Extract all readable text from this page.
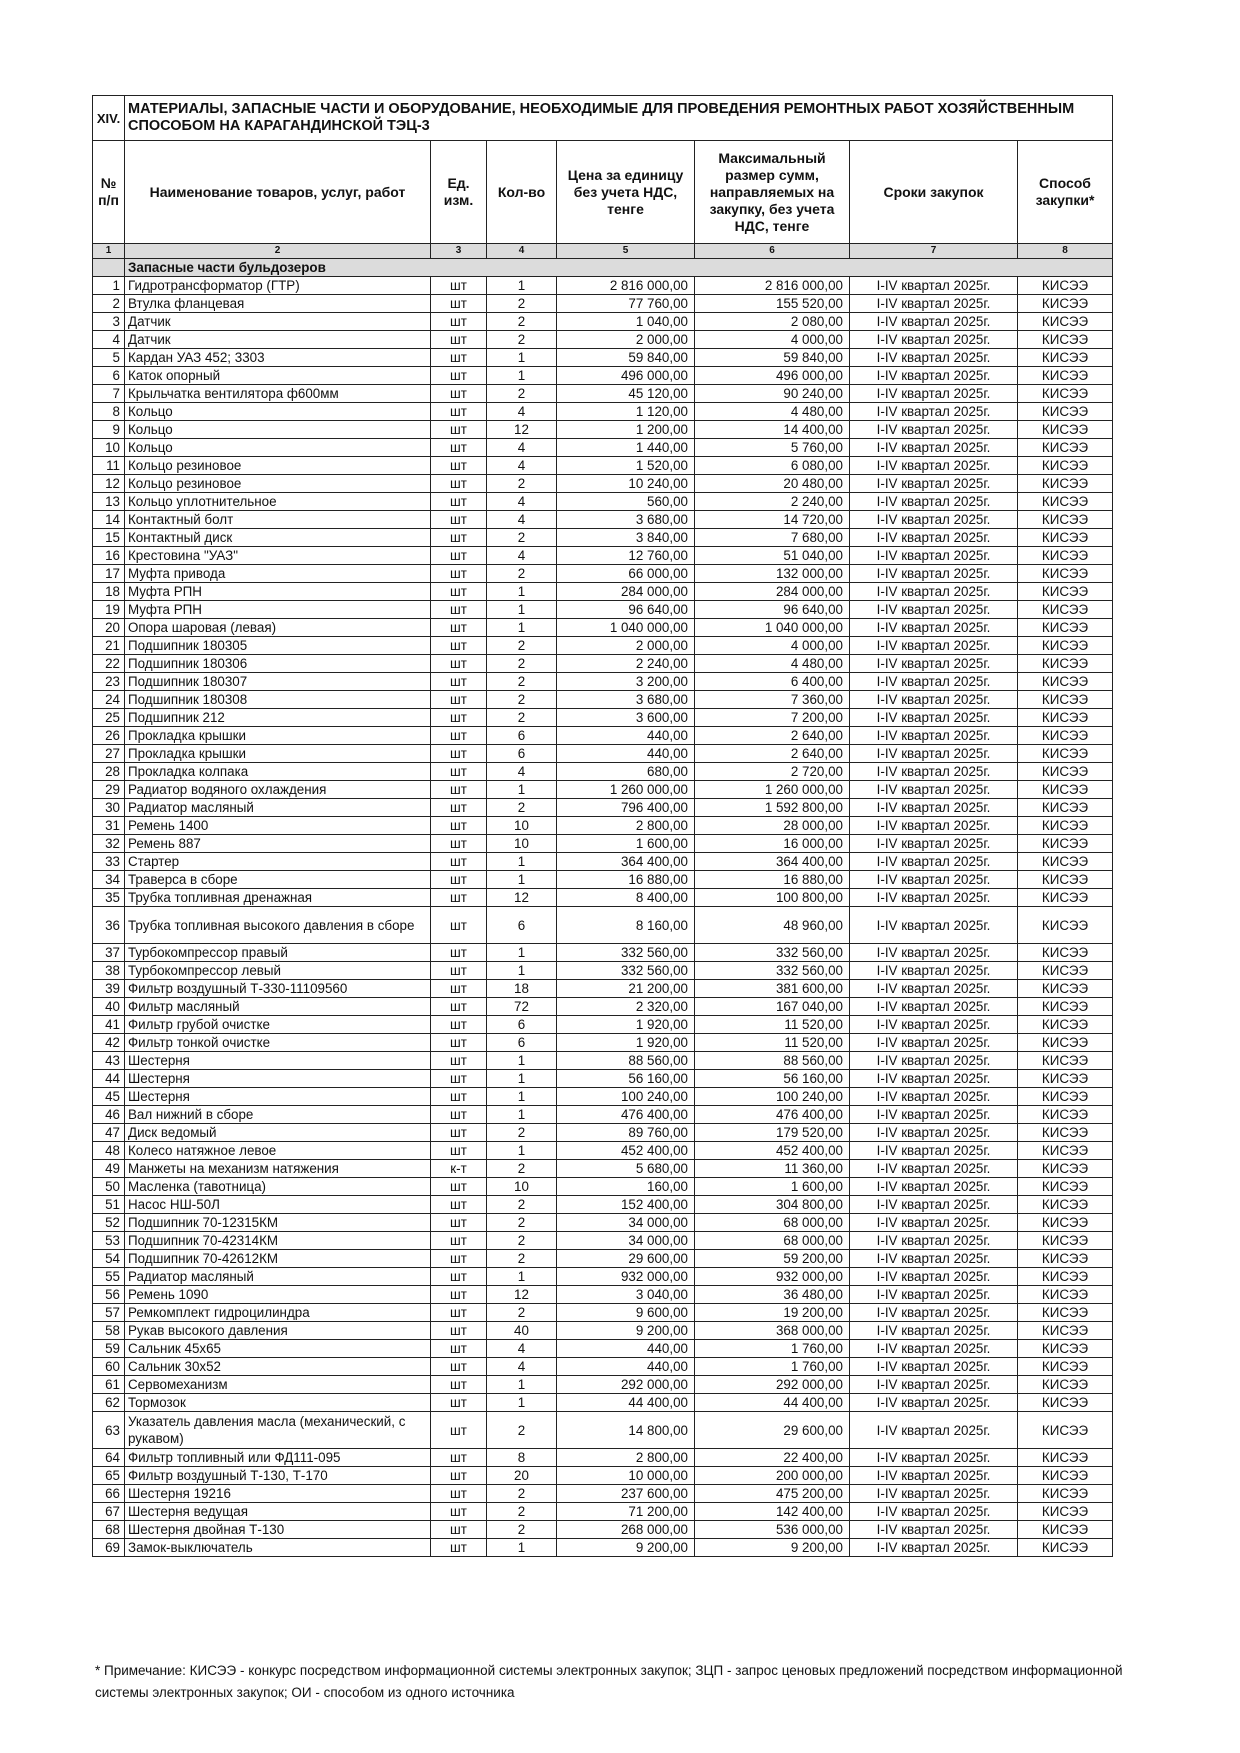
XIV.	МАТЕРИАЛЫ, ЗАПАСНЫЕ ЧАСТИ И ОБОРУДОВАНИЕ, НЕОБХОДИМЫЕ ДЛЯ ПРОВЕДЕНИЯ РЕМОНТНЫХ РАБОТ ХОЗЯЙСТВЕННЫМ СПОСОБОМ НА КАРАГАНДИНСКОЙ ТЭЦ-3						
№ п/п	Наименование товаров, услуг, работ	Ед. изм.	Кол-во	Цена за единицу без учета НДС, тенге	Максимальный размер сумм, направляемых на закупку, без учета НДС, тенге	Сроки закупок	Способ закупки*
1	2	3	4	5	6	7	8
	Запасные части бульдозеров						
1	Гидротрансформатор (ГТР)	шт	1	2 816 000,00	2 816 000,00	I-IV квартал 2025г.	КИСЭЭ
2	Втулка фланцевая	шт	2	77 760,00	155 520,00	I-IV квартал 2025г.	КИСЭЭ
3	Датчик	шт	2	1 040,00	2 080,00	I-IV квартал 2025г.	КИСЭЭ
4	Датчик	шт	2	2 000,00	4 000,00	I-IV квартал 2025г.	КИСЭЭ
5	Кардан УАЗ 452; 3303	шт	1	59 840,00	59 840,00	I-IV квартал 2025г.	КИСЭЭ
6	Каток опорный	шт	1	496 000,00	496 000,00	I-IV квартал 2025г.	КИСЭЭ
7	Крыльчатка вентилятора ф600мм	шт	2	45 120,00	90 240,00	I-IV квартал 2025г.	КИСЭЭ
8	Кольцо	шт	4	1 120,00	4 480,00	I-IV квартал 2025г.	КИСЭЭ
9	Кольцо	шт	12	1 200,00	14 400,00	I-IV квартал 2025г.	КИСЭЭ
10	Кольцо	шт	4	1 440,00	5 760,00	I-IV квартал 2025г.	КИСЭЭ
11	Кольцо резиновое	шт	4	1 520,00	6 080,00	I-IV квартал 2025г.	КИСЭЭ
12	Кольцо резиновое	шт	2	10 240,00	20 480,00	I-IV квартал 2025г.	КИСЭЭ
13	Кольцо уплотнительное	шт	4	560,00	2 240,00	I-IV квартал 2025г.	КИСЭЭ
14	Контактный болт	шт	4	3 680,00	14 720,00	I-IV квартал 2025г.	КИСЭЭ
15	Контактный диск	шт	2	3 840,00	7 680,00	I-IV квартал 2025г.	КИСЭЭ
16	Крестовина "УАЗ"	шт	4	12 760,00	51 040,00	I-IV квартал 2025г.	КИСЭЭ
17	Муфта привода	шт	2	66 000,00	132 000,00	I-IV квартал 2025г.	КИСЭЭ
18	Муфта РПН	шт	1	284 000,00	284 000,00	I-IV квартал 2025г.	КИСЭЭ
19	Муфта РПН	шт	1	96 640,00	96 640,00	I-IV квартал 2025г.	КИСЭЭ
20	Опора шаровая (левая)	шт	1	1 040 000,00	1 040 000,00	I-IV квартал 2025г.	КИСЭЭ
21	Подшипник 180305	шт	2	2 000,00	4 000,00	I-IV квартал 2025г.	КИСЭЭ
22	Подшипник 180306	шт	2	2 240,00	4 480,00	I-IV квартал 2025г.	КИСЭЭ
23	Подшипник 180307	шт	2	3 200,00	6 400,00	I-IV квартал 2025г.	КИСЭЭ
24	Подшипник 180308	шт	2	3 680,00	7 360,00	I-IV квартал 2025г.	КИСЭЭ
25	Подшипник 212	шт	2	3 600,00	7 200,00	I-IV квартал 2025г.	КИСЭЭ
26	Прокладка крышки	шт	6	440,00	2 640,00	I-IV квартал 2025г.	КИСЭЭ
27	Прокладка крышки	шт	6	440,00	2 640,00	I-IV квартал 2025г.	КИСЭЭ
28	Прокладка колпака	шт	4	680,00	2 720,00	I-IV квартал 2025г.	КИСЭЭ
29	Радиатор водяного охлаждения	шт	1	1 260 000,00	1 260 000,00	I-IV квартал 2025г.	КИСЭЭ
30	Радиатор масляный	шт	2	796 400,00	1 592 800,00	I-IV квартал 2025г.	КИСЭЭ
31	Ремень 1400	шт	10	2 800,00	28 000,00	I-IV квартал 2025г.	КИСЭЭ
32	Ремень 887	шт	10	1 600,00	16 000,00	I-IV квартал 2025г.	КИСЭЭ
33	Стартер	шт	1	364 400,00	364 400,00	I-IV квартал 2025г.	КИСЭЭ
34	Траверса в сборе	шт	1	16 880,00	16 880,00	I-IV квартал 2025г.	КИСЭЭ
35	Трубка топливная дренажная	шт	12	8 400,00	100 800,00	I-IV квартал 2025г.	КИСЭЭ
36	Трубка топливная высокого давления в сборе	шт	6	8 160,00	48 960,00	I-IV квартал 2025г.	КИСЭЭ
37	Турбокомпрессор правый	шт	1	332 560,00	332 560,00	I-IV квартал 2025г.	КИСЭЭ
38	Турбокомпрессор левый	шт	1	332 560,00	332 560,00	I-IV квартал 2025г.	КИСЭЭ
39	Фильтр воздушный Т-330-11109560	шт	18	21 200,00	381 600,00	I-IV квартал 2025г.	КИСЭЭ
40	Фильтр масляный	шт	72	2 320,00	167 040,00	I-IV квартал 2025г.	КИСЭЭ
41	Фильтр грубой очистке	шт	6	1 920,00	11 520,00	I-IV квартал 2025г.	КИСЭЭ
42	Фильтр тонкой очистке	шт	6	1 920,00	11 520,00	I-IV квартал 2025г.	КИСЭЭ
43	Шестерня	шт	1	88 560,00	88 560,00	I-IV квартал 2025г.	КИСЭЭ
44	Шестерня	шт	1	56 160,00	56 160,00	I-IV квартал 2025г.	КИСЭЭ
45	Шестерня	шт	1	100 240,00	100 240,00	I-IV квартал 2025г.	КИСЭЭ
46	Вал нижний в сборе	шт	1	476 400,00	476 400,00	I-IV квартал 2025г.	КИСЭЭ
47	Диск ведомый	шт	2	89 760,00	179 520,00	I-IV квартал 2025г.	КИСЭЭ
48	Колесо натяжное левое	шт	1	452 400,00	452 400,00	I-IV квартал 2025г.	КИСЭЭ
49	Манжеты на механизм натяжения	к-т	2	5 680,00	11 360,00	I-IV квартал 2025г.	КИСЭЭ
50	Масленка (тавотница)	шт	10	160,00	1 600,00	I-IV квартал 2025г.	КИСЭЭ
51	Насос НШ-50Л	шт	2	152 400,00	304 800,00	I-IV квартал 2025г.	КИСЭЭ
52	Подшипник 70-12315КМ	шт	2	34 000,00	68 000,00	I-IV квартал 2025г.	КИСЭЭ
53	Подшипник 70-42314КМ	шт	2	34 000,00	68 000,00	I-IV квартал 2025г.	КИСЭЭ
54	Подшипник 70-42612КМ	шт	2	29 600,00	59 200,00	I-IV квартал 2025г.	КИСЭЭ
55	Радиатор масляный	шт	1	932 000,00	932 000,00	I-IV квартал 2025г.	КИСЭЭ
56	Ремень 1090	шт	12	3 040,00	36 480,00	I-IV квартал 2025г.	КИСЭЭ
57	Ремкомплект гидроцилиндра	шт	2	9 600,00	19 200,00	I-IV квартал 2025г.	КИСЭЭ
58	Рукав высокого давления	шт	40	9 200,00	368 000,00	I-IV квартал 2025г.	КИСЭЭ
59	Сальник 45х65	шт	4	440,00	1 760,00	I-IV квартал 2025г.	КИСЭЭ
60	Сальник 30х52	шт	4	440,00	1 760,00	I-IV квартал 2025г.	КИСЭЭ
61	Сервомеханизм	шт	1	292 000,00	292 000,00	I-IV квартал 2025г.	КИСЭЭ
62	Тормозок	шт	1	44 400,00	44 400,00	I-IV квартал 2025г.	КИСЭЭ
63	Указатель давления масла (механический, с рукавом)	шт	2	14 800,00	29 600,00	I-IV квартал 2025г.	КИСЭЭ
64	Фильтр топливный или ФД111-095	шт	8	2 800,00	22 400,00	I-IV квартал 2025г.	КИСЭЭ
65	Фильтр воздушный Т-130, Т-170	шт	20	10 000,00	200 000,00	I-IV квартал 2025г.	КИСЭЭ
66	Шестерня 19216	шт	2	237 600,00	475 200,00	I-IV квартал 2025г.	КИСЭЭ
67	Шестерня ведущая	шт	2	71 200,00	142 400,00	I-IV квартал 2025г.	КИСЭЭ
68	Шестерня двойная Т-130	шт	2	268 000,00	536 000,00	I-IV квартал 2025г.	КИСЭЭ
69	Замок-выключатель	шт	1	9 200,00	9 200,00	I-IV квартал 2025г.	КИСЭЭ
* Примечание: КИСЭЭ - конкурс посредством информационной системы электронных закупок; ЗЦП - запрос ценовых предложений посредством информационной системы электронных закупок; ОИ - способом из одного источника
